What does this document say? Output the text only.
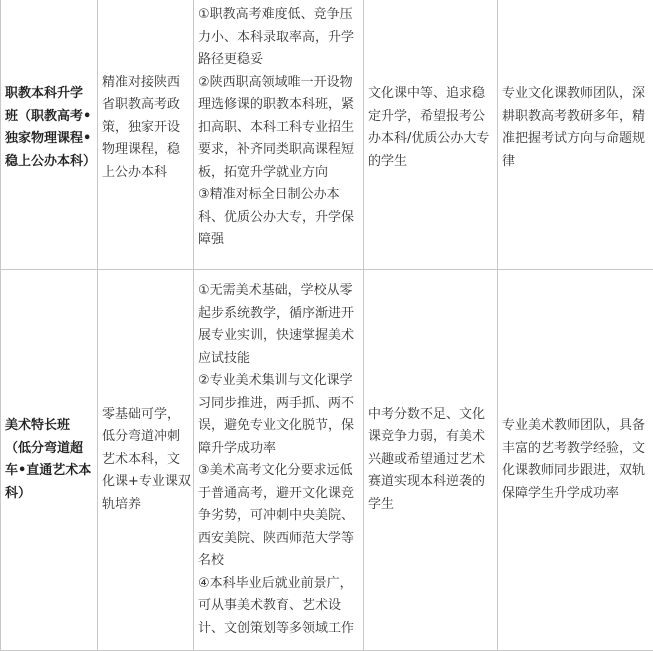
职教本科升学班（职教高考•独家物理课程•稳上公办本科）	精准对接陕西省职教高考政策，独家开设物理课程，稳上公办本科	①职教高考难度低、竞争压力小、本科录取率高，升学路径更稳妥
②陕西职高领域唯一开设物理选修课的职教本科班，紧扣高职、本科工科专业招生要求，补齐同类职高课程短板，拓宽升学就业方向
③精准对标全日制公办本科、优质公办大专，升学保障强	文化课中等、追求稳定升学，希望报考公办本科/优质公办大专的学生	专业文化课教师团队，深耕职教高考教研多年，精准把握考试方向与命题规律
美术特长班（低分弯道超车•直通艺术本科）	零基础可学，低分弯道冲刺艺术本科，文化课+专业课双轨培养	①无需美术基础，学校从零起步系统教学，循序渐进开展专业实训，快速掌握美术应试技能
②专业美术集训与文化课学习同步推进，两手抓、两不误，避免专业文化脱节，保障升学成功率
③美术高考文化分要求远低于普通高考，避开文化课竞争劣势，可冲刺中央美院、西安美院、陕西师范大学等名校
④本科毕业后就业前景广，可从事美术教育、艺术设计、文创策划等多领域工作	中考分数不足、文化课竞争力弱，有美术兴趣或希望通过艺术赛道实现本科逆袭的学生	专业美术教师团队，具备丰富的艺考教学经验，文化课教师同步跟进，双轨保障学生升学成功率
